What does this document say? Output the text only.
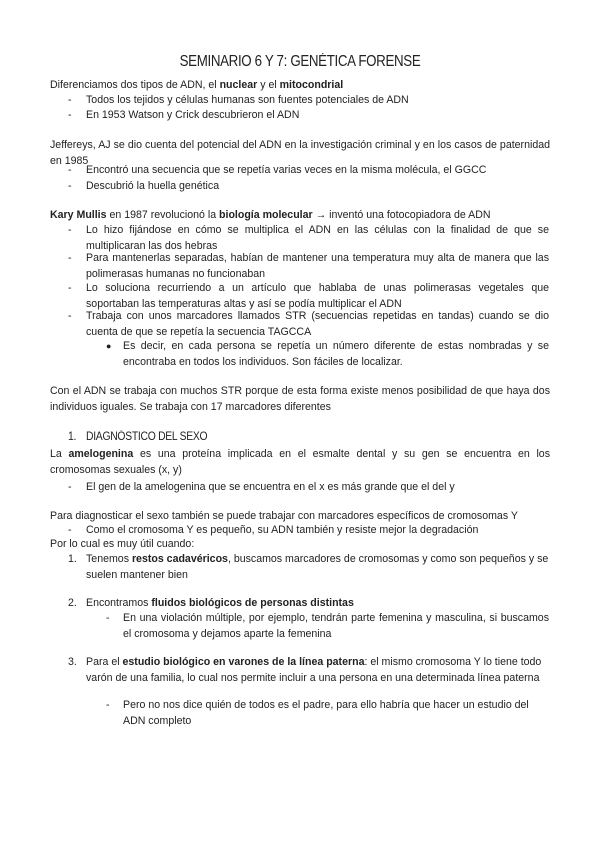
SEMINARIO 6 Y 7: GENÉTICA FORENSE
Diferenciamos dos tipos de ADN, el nuclear y el mitocondrial
- Todos los tejidos y células humanas son fuentes potenciales de ADN
- En 1953 Watson y Crick descubrieron el ADN
Jeffereys, AJ se dio cuenta del potencial del ADN en la investigación criminal y en los casos de paternidad en 1985
- Encontró una secuencia que se repetía varias veces en la misma molécula, el GGCC
- Descubrió la huella genética
Kary Mullis en 1987 revolucionó la biología molecular → inventó una fotocopiadora de ADN
- Lo hizo fijándose en cómo se multiplica el ADN en las células con la finalidad de que se multiplicaran las dos hebras
- Para mantenerlas separadas, habían de mantener una temperatura muy alta de manera que las polimerasas humanas no funcionaban
- Lo soluciona recurriendo a un artículo que hablaba de unas polimerasas vegetales que soportaban las temperaturas altas y así se podía multiplicar el ADN
- Trabaja con unos marcadores llamados STR (secuencias repetidas en tandas) cuando se dio cuenta de que se repetía la secuencia TAGCCA
● Es decir, en cada persona se repetía un número diferente de estas nombradas y se encontraba en todos los individuos. Son fáciles de localizar.
Con el ADN se trabaja con muchos STR porque de esta forma existe menos posibilidad de que haya dos individuos iguales. Se trabaja con 17 marcadores diferentes
1. DIAGNÓSTICO DEL SEXO
La amelogenina es una proteína implicada en el esmalte dental y su gen se encuentra en los cromosomas sexuales (x, y)
- El gen de la amelogenina que se encuentra en el x es más grande que el del y
Para diagnosticar el sexo también se puede trabajar con marcadores específicos de cromosomas Y
- Como el cromosoma Y es pequeño, su ADN también y resiste mejor la degradación
Por lo cual es muy útil cuando:
1. Tenemos restos cadavéricos, buscamos marcadores de cromosomas y como son pequeños y se suelen mantener bien
2. Encontramos fluidos biológicos de personas distintas
- En una violación múltiple, por ejemplo, tendrán parte femenina y masculina, si buscamos el cromosoma y dejamos aparte la femenina
3. Para el estudio biológico en varones de la línea paterna: el mismo cromosoma Y lo tiene todo varón de una familia, lo cual nos permite incluir a una persona en una determinada línea paterna
- Pero no nos dice quién de todos es el padre, para ello habría que hacer un estudio del ADN completo
